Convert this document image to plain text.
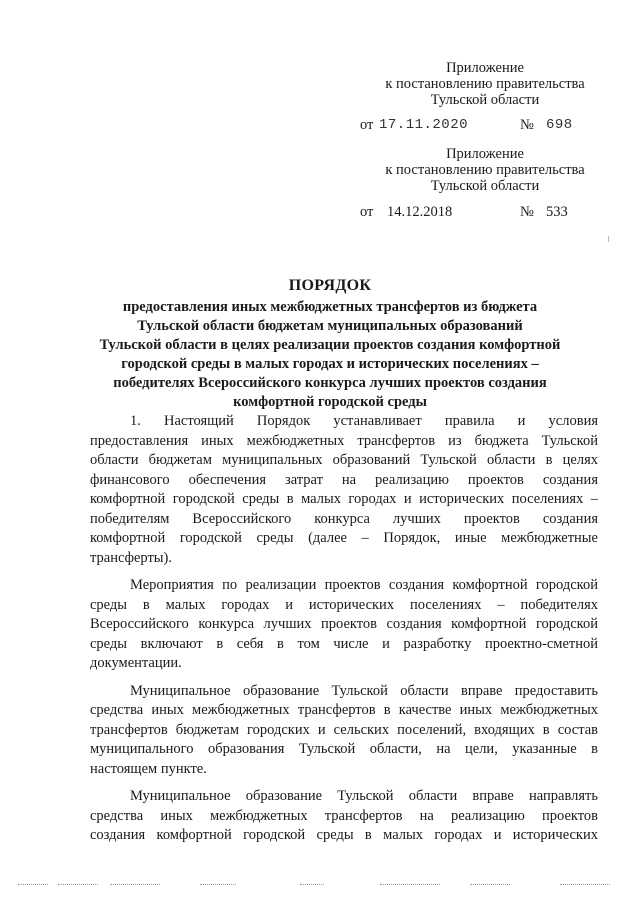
Приложение
к постановлению правительства
Тульской области
от 17.11.2020	№ 698
Приложение
к постановлению правительства
Тульской области
от 14.12.2018	№ 533
ПОРЯДОК
предоставления иных межбюджетных трансфертов из бюджета
Тульской области бюджетам муниципальных образований
Тульской области в целях реализации проектов создания комфортной
городской среды в малых городах и исторических поселениях –
победителях Всероссийского конкурса лучших проектов создания
комфортной городской среды
1. Настоящий Порядок устанавливает правила и условия
предоставления иных межбюджетных трансфертов из бюджета Тульской
области бюджетам муниципальных образований Тульской области в целях
финансового обеспечения затрат на реализацию проектов создания
комфортной городской среды в малых городах и исторических поселениях –
победителям Всероссийского конкурса лучших проектов создания
комфортной городской среды (далее – Порядок, иные межбюджетные
трансферты).
Мероприятия по реализации проектов создания комфортной городской
среды в малых городах и исторических поселениях – победителях
Всероссийского конкурса лучших проектов создания комфортной городской
среды включают в себя в том числе и разработку проектно-сметной
документации.
Муниципальное образование Тульской области вправе предоставить
средства иных межбюджетных трансфертов в качестве иных межбюджетных
трансфертов бюджетам городских и сельских поселений, входящих в состав
муниципального образования Тульской области, на цели, указанные в
настоящем пункте.
Муниципальное образование Тульской области вправе направлять
средства иных межбюджетных трансфертов на реализацию проектов
создания комфортной городской среды в малых городах и исторических
